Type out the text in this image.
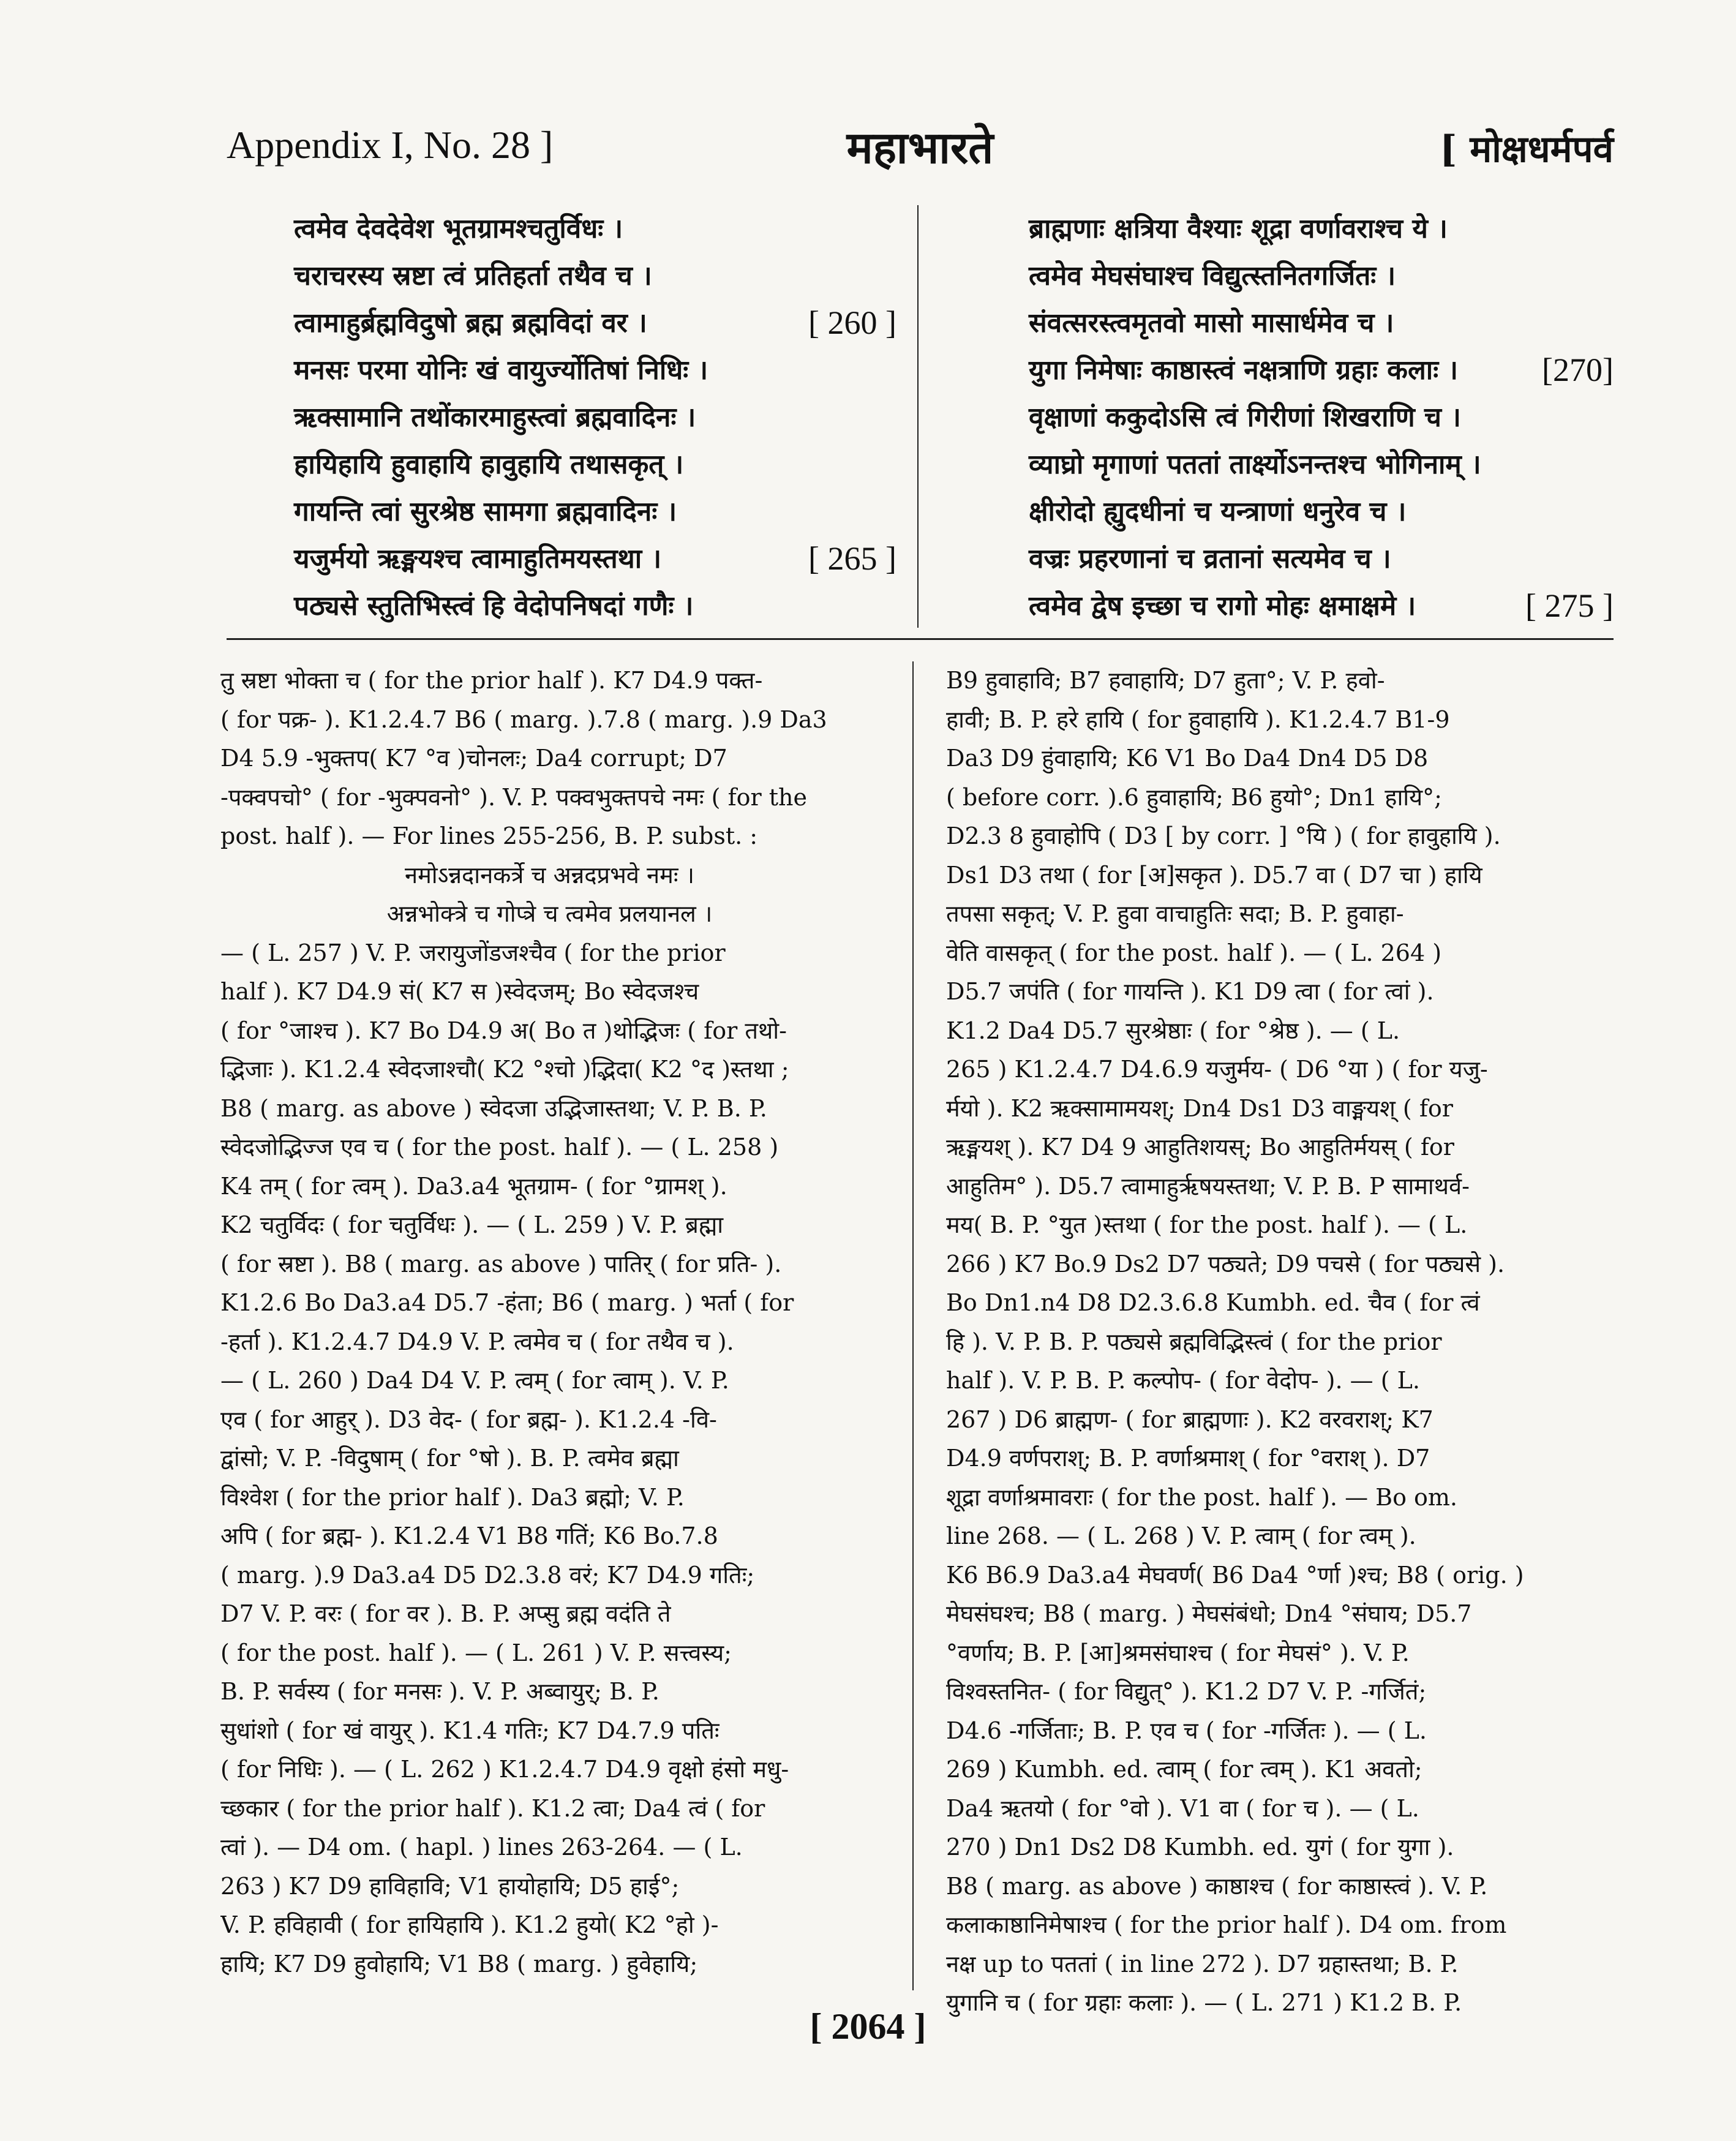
Appendix I, No. 28 ]	महाभारते	[ मोक्षधर्मपर्व
त्वमेव देवदेवेश भूतग्रामश्चतुर्विधः ।
चराचरस्य स्रष्टा त्वं प्रतिहर्ता तथैव च ।
त्वामाहुर्ब्रह्मविदुषो ब्रह्म ब्रह्मविदां वर ।	[ 260 ]
मनसः परमा योनिः खं वायुर्ज्योतिषां निधिः ।
ऋक्सामानि तथोंकारमाहुस्त्वां ब्रह्मवादिनः ।
हायिहायि हुवाहायि हावुहायि तथासकृत् ।
गायन्ति त्वां सुरश्रेष्ठ सामगा ब्रह्मवादिनः ।
यजुर्मयो ऋङ्मयश्च त्वामाहुतिमयस्तथा ।	[ 265 ]
पठ्यसे स्तुतिभिस्त्वं हि वेदोपनिषदां गणैः ।
ब्राह्मणाः क्षत्रिया वैश्याः शूद्रा वर्णावराश्च ये ।
त्वमेव मेघसंघाश्च विद्युत्स्तनितगर्जितः ।
संवत्सरस्त्वमृतवो मासो मासार्धमेव च ।
युगा निमेषाः काष्ठास्त्वं नक्षत्राणि ग्रहाः कलाः ।	[270]
वृक्षाणां ककुदोऽसि त्वं गिरीणां शिखराणि च ।
व्याघ्रो मृगाणां पततां तार्क्ष्योऽनन्तश्च भोगिनाम् ।
क्षीरोदो ह्युदधीनां च यन्त्राणां धनुरेव च ।
वज्रः प्रहरणानां च व्रतानां सत्यमेव च ।
त्वमेव द्वेष इच्छा च रागो मोहः क्षमाक्षमे ।	[ 275 ]
तु स्रष्टा भोक्ता च ( for the prior half ). K7 D4.9 पक्त-
( for पक्र- ). K1.2.4.7 B6 ( marg. ).7.8 ( marg. ).9 Da3
D4 5.9 -भुक्तप( K7 °व )चोनलः; Da4 corrupt; D7
-पक्वपचो° ( for -भुक्पवनो° ). V. P. पक्वभुक्तपचे नमः ( for the
post. half ). — For lines 255-256, B. P. subst. :
नमोऽन्नदानकर्त्रे च अन्नदप्रभवे नमः ।
अन्नभोक्त्रे च गोप्त्रे च त्वमेव प्रलयानल ।
— ( L. 257 ) V. P. जरायुजोंडजश्चैव ( for the prior
half ). K7 D4.9 सं( K7 स )स्वेदजम्; Bo स्वेदजश्च
( for °जाश्च ). K7 Bo D4.9 अ( Bo त )थोद्भिजः ( for तथो-
द्भिजाः ). K1.2.4 स्वेदजाश्चौ( K2 °श्चो )द्भिदा( K2 °द )स्तथा ;
B8 ( marg. as above ) स्वेदजा उद्भिजास्तथा; V. P. B. P.
स्वेदजोद्भिज्ज एव च ( for the post. half ). — ( L. 258 )
K4 तम् ( for त्वम् ). Da3.a4 भूतग्राम- ( for °ग्रामश् ).
K2 चतुर्विदः ( for चतुर्विधः ). — ( L. 259 ) V. P. ब्रह्मा
( for स्रष्टा ). B8 ( marg. as above ) पातिर् ( for प्रति- ).
K1.2.6 Bo Da3.a4 D5.7 -हंता; B6 ( marg. ) भर्ता ( for
-हर्ता ). K1.2.4.7 D4.9 V. P. त्वमेव च ( for तथैव च ).
— ( L. 260 ) Da4 D4 V. P. त्वम् ( for त्वाम् ). V. P.
एव ( for आहुर् ). D3 वेद- ( for ब्रह्म- ). K1.2.4 -वि-
द्वांसो; V. P. -विदुषाम् ( for °षो ). B. P. त्वमेव ब्रह्मा
विश्वेश ( for the prior half ). Da3 ब्रह्मो; V. P.
अपि ( for ब्रह्म- ). K1.2.4 V1 B8 गतिं; K6 Bo.7.8
( marg. ).9 Da3.a4 D5 D2.3.8 वरं; K7 D4.9 गतिः;
D7 V. P. वरः ( for वर ). B. P. अप्सु ब्रह्म वदंति ते
( for the post. half ). — ( L. 261 ) V. P. सत्त्वस्य;
B. P. सर्वस्य ( for मनसः ). V. P. अब्वायुर्; B. P.
सुधांशो ( for खं वायुर् ). K1.4 गतिः; K7 D4.7.9 पतिः
( for निधिः ). — ( L. 262 ) K1.2.4.7 D4.9 वृक्षो हंसो मधु-
च्छकार ( for the prior half ). K1.2 त्वा; Da4 त्वं ( for
त्वां ). — D4 om. ( hapl. ) lines 263-264. — ( L.
263 ) K7 D9 हाविहावि; V1 हायोहायि; D5 हाई°;
V. P. हविहावी ( for हायिहायि ). K1.2 हुयो( K2 °हो )-
हायि; K7 D9 हुवोहायि; V1 B8 ( marg. ) हुवेहायि;
B9 हुवाहावि; B7 हवाहायि; D7 हुता°; V. P. हवो-
हावी; B. P. हरे हायि ( for हुवाहायि ). K1.2.4.7 B1-9
Da3 D9 हुंवाहायि; K6 V1 Bo Da4 Dn4 D5 D8
( before corr. ).6 हुवाहायि; B6 हुयो°; Dn1 हायि°;
D2.3 8 हुवाहोपि ( D3 [ by corr. ] °यि ) ( for हावुहायि ).
Ds1 D3 तथा ( for [अ]सकृत ). D5.7 वा ( D7 चा ) हायि
तपसा सकृत्; V. P. हुवा वाचाहुतिः सदा; B. P. हुवाहा-
वेति वासकृत् ( for the post. half ). — ( L. 264 )
D5.7 जपंति ( for गायन्ति ). K1 D9 त्वा ( for त्वां ).
K1.2 Da4 D5.7 सुरश्रेष्ठाः ( for °श्रेष्ठ ). — ( L.
265 ) K1.2.4.7 D4.6.9 यजुर्मय- ( D6 °या ) ( for यजु-
र्मयो ). K2 ऋक्सामामयश्; Dn4 Ds1 D3 वाङ्मयश् ( for
ऋङ्मयश् ). K7 D4 9 आहुतिशयस्; Bo आहुतिर्मयस् ( for
आहुतिम° ). D5.7 त्वामाहुर्ऋषयस्तथा; V. P. B. P सामाथर्व-
मय( B. P. °युत )स्तथा ( for the post. half ). — ( L.
266 ) K7 Bo.9 Ds2 D7 पठ्यते; D9 पचसे ( for पठ्यसे ).
Bo Dn1.n4 D8 D2.3.6.8 Kumbh. ed. चैव ( for त्वं
हि ). V. P. B. P. पठ्यसे ब्रह्मविद्भिस्त्वं ( for the prior
half ). V. P. B. P. कल्पोप- ( for वेदोप- ). — ( L.
267 ) D6 ब्राह्मण- ( for ब्राह्मणाः ). K2 वरवराश्; K7
D4.9 वर्णपराश्; B. P. वर्णाश्रमाश् ( for °वराश् ). D7
शूद्रा वर्णाश्रमावराः ( for the post. half ). — Bo om.
line 268. — ( L. 268 ) V. P. त्वाम् ( for त्वम् ).
K6 B6.9 Da3.a4 मेघवर्ण( B6 Da4 °र्णा )श्च; B8 ( orig. )
मेघसंघश्च; B8 ( marg. ) मेघसंबंधो; Dn4 °संघाय; D5.7
°वर्णाय; B. P. [आ]श्रमसंघाश्च ( for मेघसं° ). V. P.
विश्वस्तनित- ( for विद्युत्° ). K1.2 D7 V. P. -गर्जितं;
D4.6 -गर्जिताः; B. P. एव च ( for -गर्जितः ). — ( L.
269 ) Kumbh. ed. त्वाम् ( for त्वम् ). K1 अवतो;
Da4 ऋतयो ( for °वो ). V1 वा ( for च ). — ( L.
270 ) Dn1 Ds2 D8 Kumbh. ed. युगं ( for युगा ).
B8 ( marg. as above ) काष्ठाश्च ( for काष्ठास्त्वं ). V. P.
कलाकाष्ठानिमेषाश्च ( for the prior half ). D4 om. from
नक्ष up to पततां ( in line 272 ). D7 ग्रहास्तथा; B. P.
युगानि च ( for ग्रहाः कलाः ). — ( L. 271 ) K1.2 B. P.
[ 2064 ]
